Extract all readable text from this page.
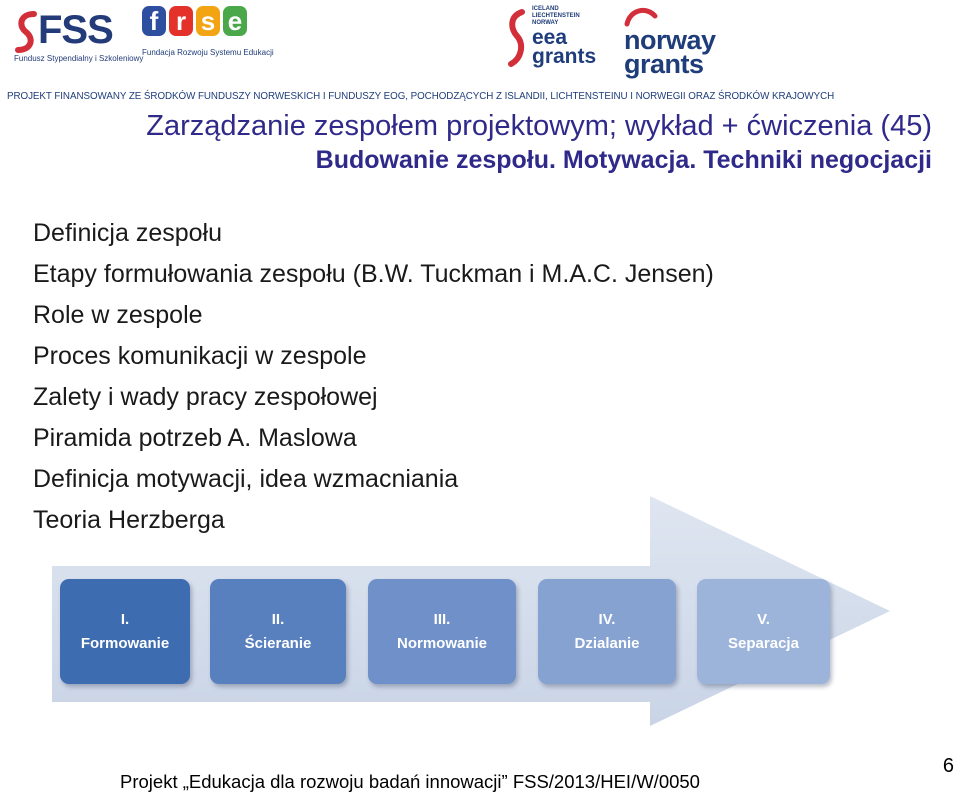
FSS
Fundusz Stypendialny i Szkoleniowy
f r s e
Fundacja Rozwoju Systemu Edukacji
ICELAND
LIECHTENSTEIN
NORWAY
eea
grants
norway
grants
PROJEKT FINANSOWANY ZE ŚRODKÓW FUNDUSZY NORWESKICH I FUNDUSZY EOG, POCHODZĄCYCH Z ISLANDII, LICHTENSTEINU I NORWEGII ORAZ ŚRODKÓW KRAJOWYCH
Zarządzanie zespołem projektowym; wykład + ćwiczenia (45)
Budowanie zespołu. Motywacja. Techniki negocjacji
Definicja zespołu
Etapy formułowania zespołu (B.W. Tuckman i M.A.C. Jensen)
Role w zespole
Proces komunikacji w zespole
Zalety i wady pracy zespołowej
Piramida potrzeb A. Maslowa
Definicja motywacji, idea wzmacniania
Teoria Herzberga
I.
Formowanie
II.
Ścieranie
III.
Normowanie
IV.
Dzialanie
V.
Separacja
Projekt „Edukacja dla rozwoju badań innowacji” FSS/2013/HEI/W/0050
6
